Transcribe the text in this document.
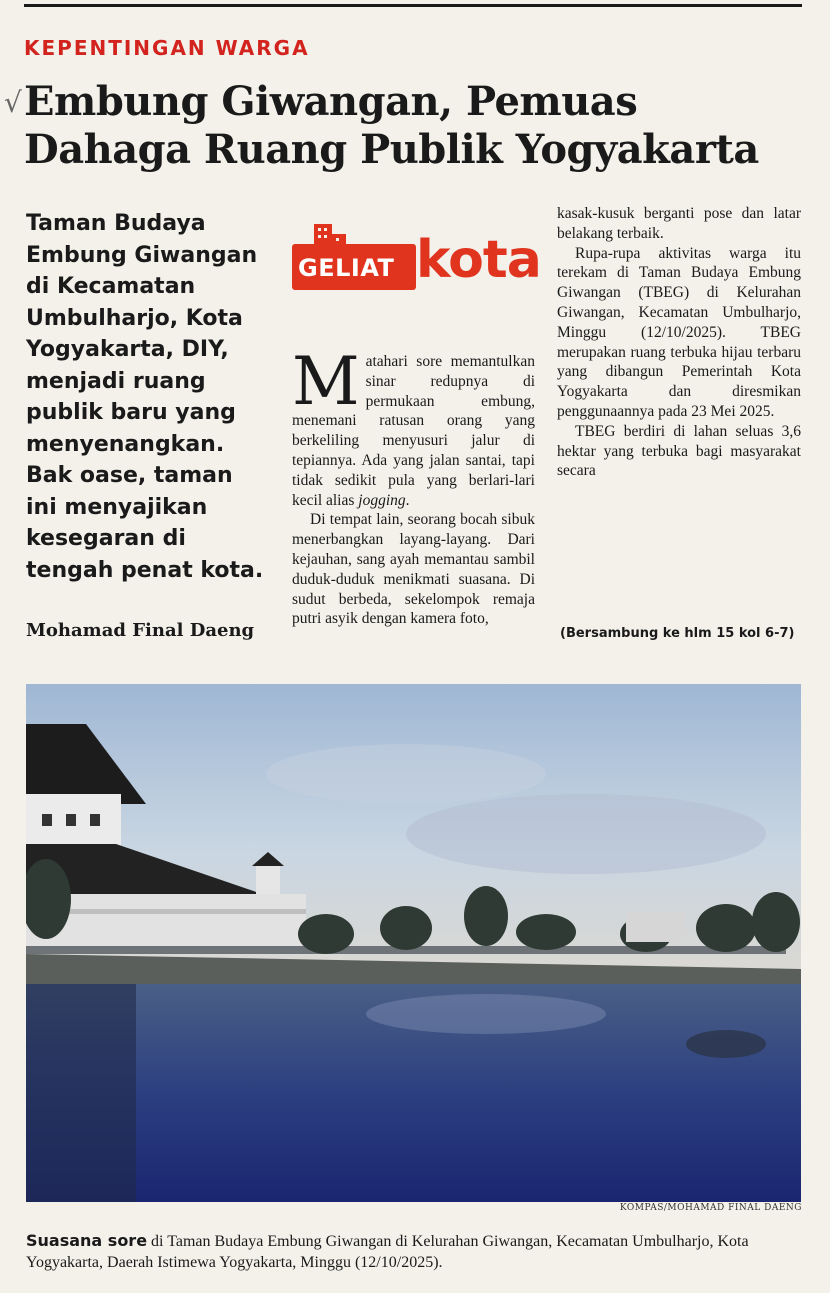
√
KEPENTINGAN WARGA
Embung Giwangan, Pemuas Dahaga Ruang Publik Yogyakarta
Taman Budaya Embung Giwangan di Kecamatan Umbulharjo, Kota Yogyakarta, DIY, menjadi ruang publik baru yang menyenangkan. Bak oase, taman ini menyajikan kesegaran di tengah penat kota.
Mohamad Final Daeng
GELIAT kota

Matahari sore memantulkan sinar redupnya di permukaan embung, menemani ratusan orang yang berkeliling menyusuri jalur di tepiannya. Ada yang jalan santai, tapi tidak sedikit pula yang berlari-lari kecil alias jogging.

Di tempat lain, seorang bocah sibuk menerbangkan layang-layang. Dari kejauhan, sang ayah memantau sambil duduk-duduk menikmati suasana. Di sudut berbeda, sekelompok remaja putri asyik dengan kamera foto,

kasak-kusuk berganti pose dan latar belakang terbaik.

Rupa-rupa aktivitas warga itu terekam di Taman Budaya Embung Giwangan (TBEG) di Kelurahan Giwangan, Kecamatan Umbulharjo, Minggu (12/10/2025). TBEG merupakan ruang terbuka hijau terbaru yang dibangun Pemerintah Kota Yogyakarta dan diresmikan penggunaannya pada 23 Mei 2025.

TBEG berdiri di lahan seluas 3,6 hektar yang terbuka bagi masyarakat secara

(Bersambung ke hlm 15 kol 6-7)
KOMPAS/MOHAMAD FINAL DAENG
Suasana sore di Taman Budaya Embung Giwangan di Kelurahan Giwangan, Kecamatan Umbulharjo, Kota Yogyakarta, Daerah Istimewa Yogyakarta, Minggu (12/10/2025).
